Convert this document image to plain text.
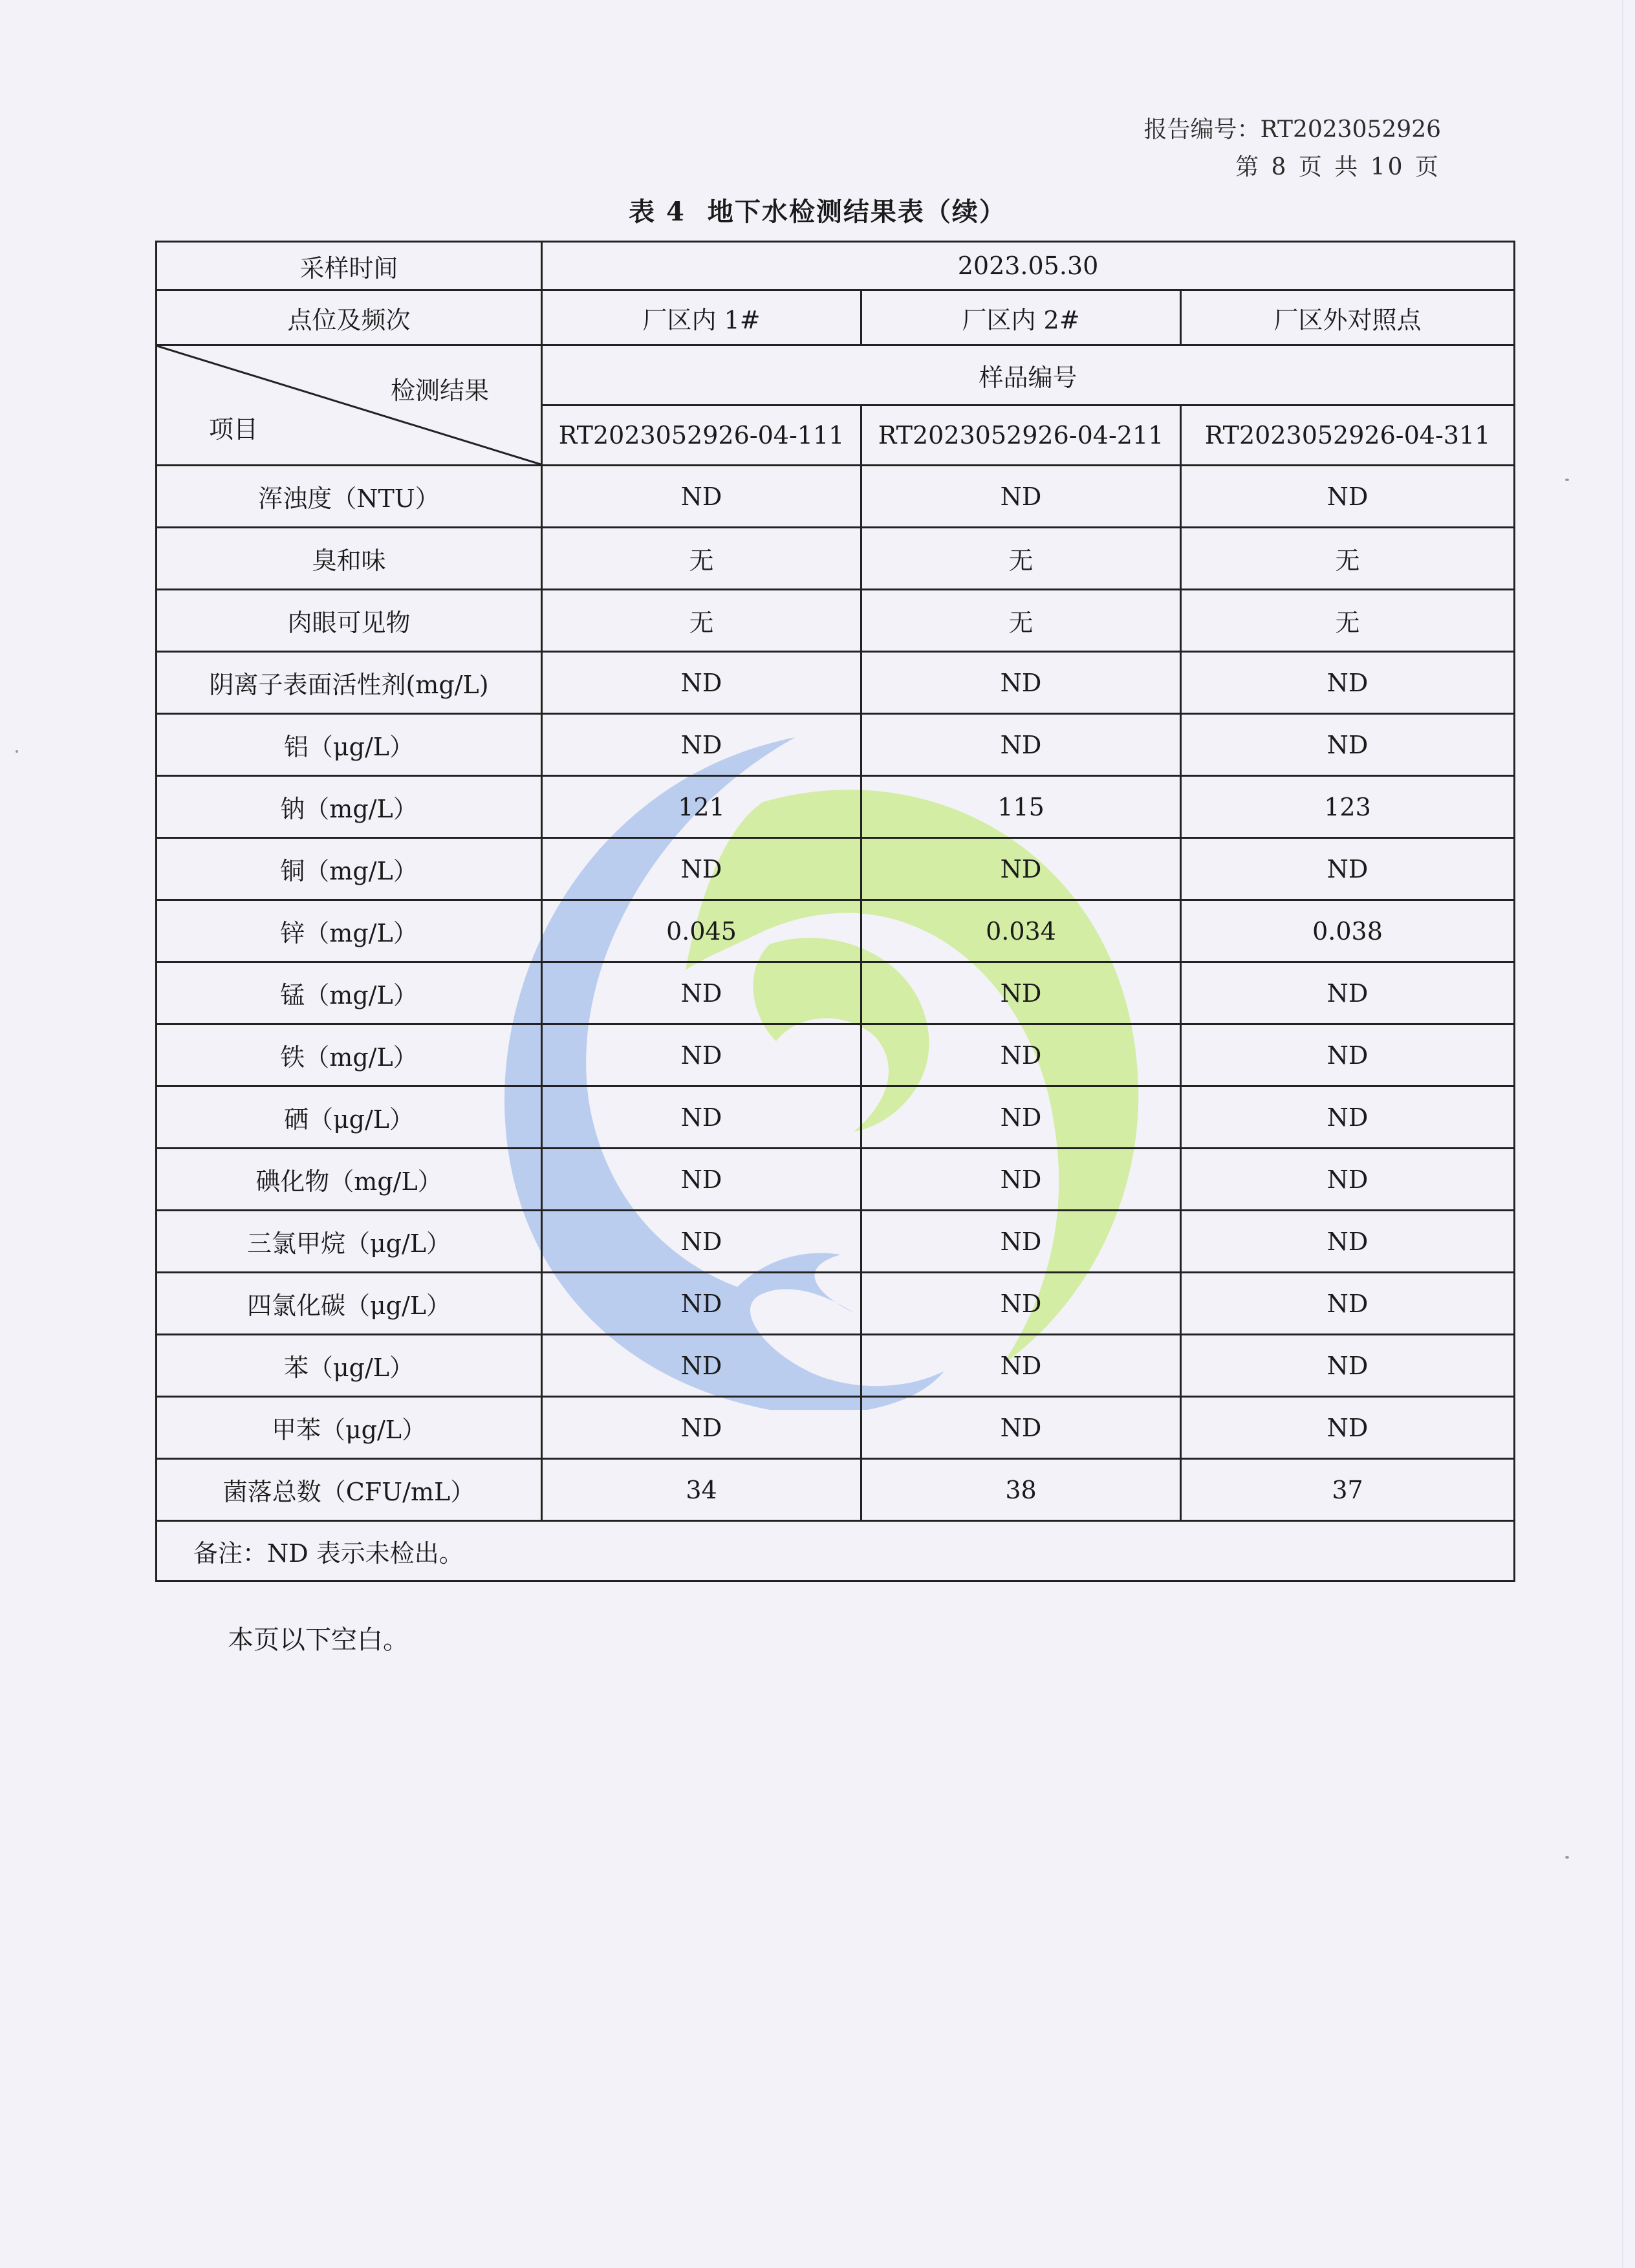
报告编号：RT2023052926
第 8 页 共 10 页
表 4 地下水检测结果表（续）
采样时间	2023.05.30		
点位及频次	厂区内 1#	厂区内 2#	厂区外对照点

检测结果
项目	样品编号		
	RT2023052926-04-111	RT2023052926-04-211	RT2023052926-04-311
浑浊度（NTU）	ND	ND	ND
臭和味	无	无	无
肉眼可见物	无	无	无
阴离子表面活性剂(mg/L)	ND	ND	ND
铝（μg/L）	ND	ND	ND
钠（mg/L）	121	115	123
铜（mg/L）	ND	ND	ND
锌（mg/L）	0.045	0.034	0.038
锰（mg/L）	ND	ND	ND
铁（mg/L）	ND	ND	ND
硒（μg/L）	ND	ND	ND
碘化物（mg/L）	ND	ND	ND
三氯甲烷（μg/L）	ND	ND	ND
四氯化碳（μg/L）	ND	ND	ND
苯（μg/L）	ND	ND	ND
甲苯（μg/L）	ND	ND	ND
菌落总数（CFU/mL）	34	38	37
备注：ND 表示未检出。			
本页以下空白。
